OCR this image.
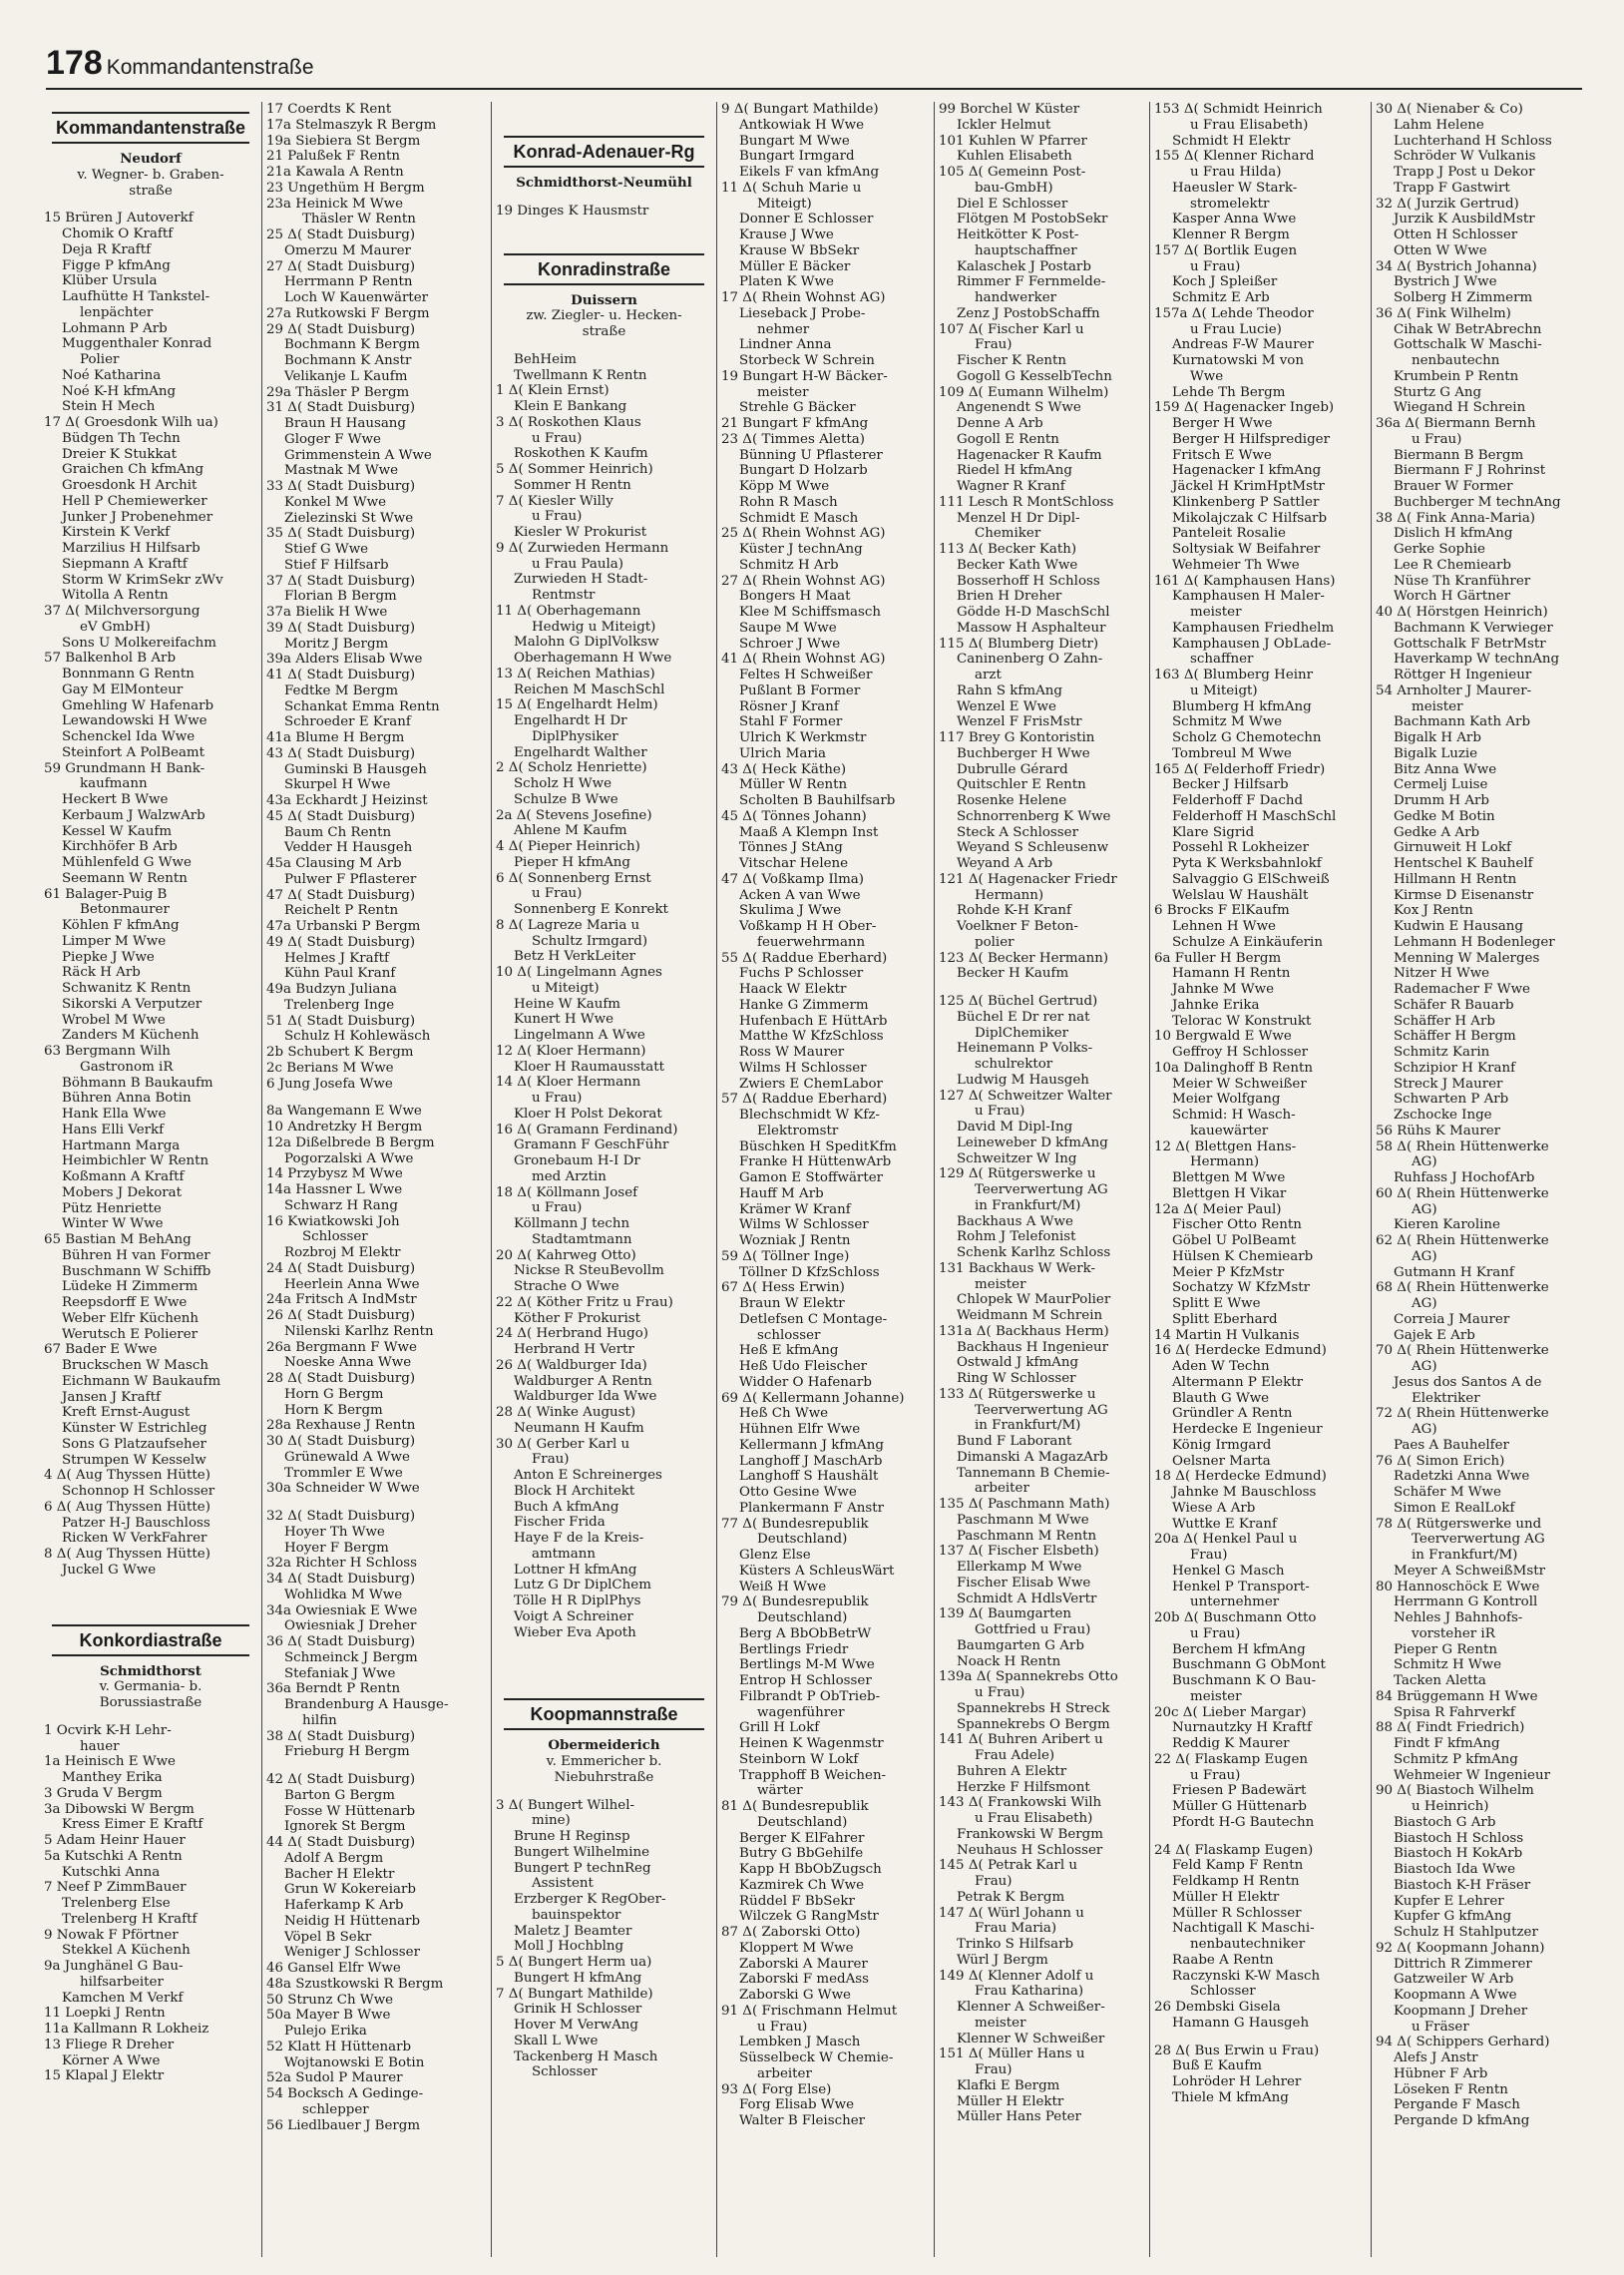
178 Kommandantenstraße
Kommandantenstraße
Neudorf
v. Wegner- b. Graben-
straße
15 Brüren J Autoverkf
Chomik O Kraftf
Deja R Kraftf
Figge P kfmAng
Klüber Ursula
Laufhütte H Tankstel-
lenpächter
Lohmann P Arb
Muggenthaler Konrad
Polier
Noé Katharina
Noé K-H kfmAng
Stein H Mech
17 Δ( Groesdonk Wilh ua)
Büdgen Th Techn
Dreier K Stukkat
Graichen Ch kfmAng
Groesdonk H Archit
Hell P Chemiewerker
Junker J Probenehmer
Kirstein K Verkf
Marzilius H Hilfsarb
Siepmann A Kraftf
Storm W KrimSekr zWv
Witolla A Rentn
37 Δ( Milchversorgung
eV GmbH)
Sons U Molkereifachm
57 Balkenhol B Arb
Bonnmann G Rentn
Gay M ElMonteur
Gmehling W Hafenarb
Lewandowski H Wwe
Schenckel Ida Wwe
Steinfort A PolBeamt
59 Grundmann H Bank-
kaufmann
Heckert B Wwe
Kerbaum J WalzwArb
Kessel W Kaufm
Kirchhöfer B Arb
Mühlenfeld G Wwe
Seemann W Rentn
61 Balager-Puig B
Betonmaurer
Köhlen F kfmAng
Limper M Wwe
Piepke J Wwe
Räck H Arb
Schwanitz K Rentn
Sikorski A Verputzer
Wrobel M Wwe
Zanders M Küchenh
63 Bergmann Wilh
Gastronom iR
Böhmann B Baukaufm
Bühren Anna Botin
Hank Ella Wwe
Hans Elli Verkf
Hartmann Marga
Heimbichler W Rentn
Koßmann A Kraftf
Mobers J Dekorat
Pütz Henriette
Winter W Wwe
65 Bastian M BehAng
Bühren H van Former
Buschmann W Schiffb
Lüdeke H Zimmerm
Reepsdorff E Wwe
Weber Elfr Küchenh
Werutsch E Polierer
67 Bader E Wwe
Bruckschen W Masch
Eichmann W Baukaufm
Jansen J Kraftf
Kreft Ernst-August
Künster W Estrichleg
Sons G Platzaufseher
Strumpen W Kesselw
4 Δ( Aug Thyssen Hütte)
Schonnop H Schlosser
6 Δ( Aug Thyssen Hütte)
Patzer H-J Bauschloss
Ricken W VerkFahrer
8 Δ( Aug Thyssen Hütte)
Juckel G Wwe
Konkordiastraße
Schmidthorst
v. Germania- b.
Borussiastraße
1 Ocvirk K-H Lehr-
hauer
1a Heinisch E Wwe
Manthey Erika
3 Gruda V Bergm
3a Dibowski W Bergm
Kress Eimer E Kraftf
5 Adam Heinr Hauer
5a Kutschki A Rentn
Kutschki Anna
7 Neef P ZimmBauer
Trelenberg Else
Trelenberg H Kraftf
9 Nowak F Pförtner
Stekkel A Küchenh
9a Junghänel G Bau-
hilfsarbeiter
Kamchen M Verkf
11 Loepki J Rentn
11a Kallmann R Lokheiz
13 Fliege R Dreher
Körner A Wwe
15 Klapal J Elektr
17 Coerdts K Rent
17a Stelmaszyk R Bergm
19a Siebiera St Bergm
21 Palußek F Rentn
21a Kawala A Rentn
23 Ungethüm H Bergm
23a Heinick M Wwe
Thäsler W Rentn
25 Δ( Stadt Duisburg)
Omerzu M Maurer
27 Δ( Stadt Duisburg)
Herrmann P Rentn
Loch W Kauenwärter
27a Rutkowski F Bergm
29 Δ( Stadt Duisburg)
Bochmann K Bergm
Bochmann K Anstr
Velikanje L Kaufm
29a Thäsler P Bergm
31 Δ( Stadt Duisburg)
Braun H Hausang
Gloger F Wwe
Grimmenstein A Wwe
Mastnak M Wwe
33 Δ( Stadt Duisburg)
Konkel M Wwe
Zielezinski St Wwe
35 Δ( Stadt Duisburg)
Stief G Wwe
Stief F Hilfsarb
37 Δ( Stadt Duisburg)
Florian B Bergm
37a Bielik H Wwe
39 Δ( Stadt Duisburg)
Moritz J Bergm
39a Alders Elisab Wwe
41 Δ( Stadt Duisburg)
Fedtke M Bergm
Schankat Emma Rentn
Schroeder E Kranf
41a Blume H Bergm
43 Δ( Stadt Duisburg)
Guminski B Hausgeh
Skurpel H Wwe
43a Eckhardt J Heizinst
45 Δ( Stadt Duisburg)
Baum Ch Rentn
Vedder H Hausgeh
45a Clausing M Arb
Pulwer F Pflasterer
47 Δ( Stadt Duisburg)
Reichelt P Rentn
47a Urbanski P Bergm
49 Δ( Stadt Duisburg)
Helmes J Kraftf
Kühn Paul Kranf
49a Budzyn Juliana
Trelenberg Inge
51 Δ( Stadt Duisburg)
Schulz H Kohlewäsch
2b Schubert K Bergm
2c Berians M Wwe
6 Jung Josefa Wwe
8a Wangemann E Wwe
10 Andretzky H Bergm
12a Dißelbrede B Bergm
Pogorzalski A Wwe
14 Przybysz M Wwe
14a Hassner L Wwe
Schwarz H Rang
16 Kwiatkowski Joh
Schlosser
Rozbroj M Elektr
24 Δ( Stadt Duisburg)
Heerlein Anna Wwe
24a Fritsch A IndMstr
26 Δ( Stadt Duisburg)
Nilenski Karlhz Rentn
26a Bergmann F Wwe
Noeske Anna Wwe
28 Δ( Stadt Duisburg)
Horn G Bergm
Horn K Bergm
28a Rexhause J Rentn
30 Δ( Stadt Duisburg)
Grünewald A Wwe
Trommler E Wwe
30a Schneider W Wwe
32 Δ( Stadt Duisburg)
Hoyer Th Wwe
Hoyer F Bergm
32a Richter H Schloss
34 Δ( Stadt Duisburg)
Wohlidka M Wwe
34a Owiesniak E Wwe
Owiesniak J Dreher
36 Δ( Stadt Duisburg)
Schmeinck J Bergm
Stefaniak J Wwe
36a Berndt P Rentn
Brandenburg A Hausge-
hilfin
38 Δ( Stadt Duisburg)
Frieburg H Bergm
42 Δ( Stadt Duisburg)
Barton G Bergm
Fosse W Hüttenarb
Ignorek St Bergm
44 Δ( Stadt Duisburg)
Adolf A Bergm
Bacher H Elektr
Grun W Kokereiarb
Haferkamp K Arb
Neidig H Hüttenarb
Vöpel B Sekr
Weniger J Schlosser
46 Gansel Elfr Wwe
48a Szustkowski R Bergm
50 Strunz Ch Wwe
50a Mayer B Wwe
Pulejo Erika
52 Klatt H Hüttenarb
Wojtanowski E Botin
52a Sudol P Maurer
54 Bocksch A Gedinge-
schlepper
56 Liedlbauer J Bergm
Konrad-Adenauer-Rg
Schmidthorst-Neumühl
19 Dinges K Hausmstr
Konradinstraße
Duissern
zw. Ziegler- u. Hecken-
straße
BehHeim
Twellmann K Rentn
1 Δ( Klein Ernst)
Klein E Bankang
3 Δ( Roskothen Klaus
u Frau)
Roskothen K Kaufm
5 Δ( Sommer Heinrich)
Sommer H Rentn
7 Δ( Kiesler Willy
u Frau)
Kiesler W Prokurist
9 Δ( Zurwieden Hermann
u Frau Paula)
Zurwieden H Stadt-
Rentmstr
11 Δ( Oberhagemann
Hedwig u Miteigt)
Malohn G DiplVolksw
Oberhagemann H Wwe
13 Δ( Reichen Mathias)
Reichen M MaschSchl
15 Δ( Engelhardt Helm)
Engelhardt H Dr
DiplPhysiker
Engelhardt Walther
2 Δ( Scholz Henriette)
Scholz H Wwe
Schulze B Wwe
2a Δ( Stevens Josefine)
Ahlene M Kaufm
4 Δ( Pieper Heinrich)
Pieper H kfmAng
6 Δ( Sonnenberg Ernst
u Frau)
Sonnenberg E Konrekt
8 Δ( Lagreze Maria u
Schultz Irmgard)
Betz H VerkLeiter
10 Δ( Lingelmann Agnes
u Miteigt)
Heine W Kaufm
Kunert H Wwe
Lingelmann A Wwe
12 Δ( Kloer Hermann)
Kloer H Raumausstatt
14 Δ( Kloer Hermann
u Frau)
Kloer H Polst Dekorat
16 Δ( Gramann Ferdinand)
Gramann F GeschFühr
Gronebaum H-I Dr
med Arztin
18 Δ( Köllmann Josef
u Frau)
Köllmann J techn
Stadtamtmann
20 Δ( Kahrweg Otto)
Nickse R SteuBevollm
Strache O Wwe
22 Δ( Köther Fritz u Frau)
Köther F Prokurist
24 Δ( Herbrand Hugo)
Herbrand H Vertr
26 Δ( Waldburger Ida)
Waldburger A Rentn
Waldburger Ida Wwe
28 Δ( Winke August)
Neumann H Kaufm
30 Δ( Gerber Karl u
Frau)
Anton E Schreinerges
Block H Architekt
Buch A kfmAng
Fischer Frida
Haye F de la Kreis-
amtmann
Lottner H kfmAng
Lutz G Dr DiplChem
Tölle H R DiplPhys
Voigt A Schreiner
Wieber Eva Apoth
Koopmannstraße
Obermeiderich
v. Emmericher b.
Niebuhrstraße
3 Δ( Bungert Wilhel-
mine)
Brune H Reginsp
Bungert Wilhelmine
Bungert P technReg
Assistent
Erzberger K RegOber-
bauinspektor
Maletz J Beamter
Moll J Hochblng
5 Δ( Bungert Herm ua)
Bungert H kfmAng
7 Δ( Bungart Mathilde)
Grinik H Schlosser
Hover M VerwAng
Skall L Wwe
Tackenberg H Masch
Schlosser
9 Δ( Bungart Mathilde)
Antkowiak H Wwe
Bungart M Wwe
Bungart Irmgard
Eikels F van kfmAng
11 Δ( Schuh Marie u
Miteigt)
Donner E Schlosser
Krause J Wwe
Krause W BbSekr
Müller E Bäcker
Platen K Wwe
17 Δ( Rhein Wohnst AG)
Lieseback J Probe-
nehmer
Lindner Anna
Storbeck W Schrein
19 Bungart H-W Bäcker-
meister
Strehle G Bäcker
21 Bungart F kfmAng
23 Δ( Timmes Aletta)
Bünning U Pflasterer
Bungart D Holzarb
Köpp M Wwe
Rohn R Masch
Schmidt E Masch
25 Δ( Rhein Wohnst AG)
Küster J technAng
Schmitz H Arb
27 Δ( Rhein Wohnst AG)
Bongers H Maat
Klee M Schiffsmasch
Saupe M Wwe
Schroer J Wwe
41 Δ( Rhein Wohnst AG)
Feltes H Schweißer
Pußlant B Former
Rösner J Kranf
Stahl F Former
Ulrich K Werkmstr
Ulrich Maria
43 Δ( Heck Käthe)
Müller W Rentn
Scholten B Bauhilfsarb
45 Δ( Tönnes Johann)
Maaß A Klempn Inst
Tönnes J StAng
Vitschar Helene
47 Δ( Voßkamp Ilma)
Acken A van Wwe
Skulima J Wwe
Voßkamp H H Ober-
feuerwehrmann
55 Δ( Raddue Eberhard)
Fuchs P Schlosser
Haack W Elektr
Hanke G Zimmerm
Hufenbach E HüttArb
Matthe W KfzSchloss
Ross W Maurer
Wilms H Schlosser
Zwiers E ChemLabor
57 Δ( Raddue Eberhard)
Blechschmidt W Kfz-
Elektromstr
Büschken H SpeditKfm
Franke H HüttenwArb
Gamon E Stoffwärter
Hauff M Arb
Krämer W Kranf
Wilms W Schlosser
Wozniak J Rentn
59 Δ( Töllner Inge)
Töllner D KfzSchloss
67 Δ( Hess Erwin)
Braun W Elektr
Detlefsen C Montage-
schlosser
Heß E kfmAng
Heß Udo Fleischer
Widder O Hafenarb
69 Δ( Kellermann Johanne)
Heß Ch Wwe
Hühnen Elfr Wwe
Kellermann J kfmAng
Langhoff J MaschArb
Langhoff S Haushält
Otto Gesine Wwe
Plankermann F Anstr
77 Δ( Bundesrepublik
Deutschland)
Glenz Else
Küsters A SchleusWärt
Weiß H Wwe
79 Δ( Bundesrepublik
Deutschland)
Berg A BbObBetrW
Bertlings Friedr
Bertlings M-M Wwe
Entrop H Schlosser
Filbrandt P ObTrieb-
wagenführer
Grill H Lokf
Heinen K Wagenmstr
Steinborn W Lokf
Trapphoff B Weichen-
wärter
81 Δ( Bundesrepublik
Deutschland)
Berger K ElFahrer
Butry G BbGehilfe
Kapp H BbObZugsch
Kazmirek Ch Wwe
Rüddel F BbSekr
Wilczek G RangMstr
87 Δ( Zaborski Otto)
Kloppert M Wwe
Zaborski A Maurer
Zaborski F medAss
Zaborski G Wwe
91 Δ( Frischmann Helmut
u Frau)
Lembken J Masch
Süsselbeck W Chemie-
arbeiter
93 Δ( Forg Else)
Forg Elisab Wwe
Walter B Fleischer
99 Borchel W Küster
Ickler Helmut
101 Kuhlen W Pfarrer
Kuhlen Elisabeth
105 Δ( Gemeinn Post-
bau-GmbH)
Diel E Schlosser
Flötgen M PostobSekr
Heitkötter K Post-
hauptschaffner
Kalaschek J Postarb
Rimmer F Fernmelde-
handwerker
Zenz J PostobSchaffn
107 Δ( Fischer Karl u
Frau)
Fischer K Rentn
Gogoll G KesselbTechn
109 Δ( Eumann Wilhelm)
Angenendt S Wwe
Denne A Arb
Gogoll E Rentn
Hagenacker R Kaufm
Riedel H kfmAng
Wagner R Kranf
111 Lesch R MontSchloss
Menzel H Dr Dipl-
Chemiker
113 Δ( Becker Kath)
Becker Kath Wwe
Bosserhoff H Schloss
Brien H Dreher
Gödde H-D MaschSchl
Massow H Asphalteur
115 Δ( Blumberg Dietr)
Caninenberg O Zahn-
arzt
Rahn S kfmAng
Wenzel E Wwe
Wenzel F FrisMstr
117 Brey G Kontoristin
Buchberger H Wwe
Dubrulle Gérard
Quitschler E Rentn
Rosenke Helene
Schnorrenberg K Wwe
Steck A Schlosser
Weyand S Schleusenw
Weyand A Arb
121 Δ( Hagenacker Friedr
Hermann)
Rohde K-H Kranf
Voelkner F Beton-
polier
123 Δ( Becker Hermann)
Becker H Kaufm
125 Δ( Büchel Gertrud)
Büchel E Dr rer nat
DiplChemiker
Heinemann P Volks-
schulrektor
Ludwig M Hausgeh
127 Δ( Schweitzer Walter
u Frau)
David M Dipl-Ing
Leineweber D kfmAng
Schweitzer W Ing
129 Δ( Rütgerswerke u
Teerverwertung AG
in Frankfurt/M)
Backhaus A Wwe
Rohm J Telefonist
Schenk Karlhz Schloss
131 Backhaus W Werk-
meister
Chlopek W MaurPolier
Weidmann M Schrein
131a Δ( Backhaus Herm)
Backhaus H Ingenieur
Ostwald J kfmAng
Ring W Schlosser
133 Δ( Rütgerswerke u
Teerverwertung AG
in Frankfurt/M)
Bund F Laborant
Dimanski A MagazArb
Tannemann B Chemie-
arbeiter
135 Δ( Paschmann Math)
Paschmann M Wwe
Paschmann M Rentn
137 Δ( Fischer Elsbeth)
Ellerkamp M Wwe
Fischer Elisab Wwe
Schmidt A HdlsVertr
139 Δ( Baumgarten
Gottfried u Frau)
Baumgarten G Arb
Noack H Rentn
139a Δ( Spannekrebs Otto
u Frau)
Spannekrebs H Streck
Spannekrebs O Bergm
141 Δ( Buhren Aribert u
Frau Adele)
Buhren A Elektr
Herzke F Hilfsmont
143 Δ( Frankowski Wilh
u Frau Elisabeth)
Frankowski W Bergm
Neuhaus H Schlosser
145 Δ( Petrak Karl u
Frau)
Petrak K Bergm
147 Δ( Würl Johann u
Frau Maria)
Trinko S Hilfsarb
Würl J Bergm
149 Δ( Klenner Adolf u
Frau Katharina)
Klenner A Schweißer-
meister
Klenner W Schweißer
151 Δ( Müller Hans u
Frau)
Klafki E Bergm
Müller H Elektr
Müller Hans Peter
153 Δ( Schmidt Heinrich
u Frau Elisabeth)
Schmidt H Elektr
155 Δ( Klenner Richard
u Frau Hilda)
Haeusler W Stark-
stromelektr
Kasper Anna Wwe
Klenner R Bergm
157 Δ( Bortlik Eugen
u Frau)
Koch J Spleißer
Schmitz E Arb
157a Δ( Lehde Theodor
u Frau Lucie)
Andreas F-W Maurer
Kurnatowski M von
Wwe
Lehde Th Bergm
159 Δ( Hagenacker Ingeb)
Berger H Wwe
Berger H Hilfsprediger
Fritsch E Wwe
Hagenacker I kfmAng
Jäckel H KrimHptMstr
Klinkenberg P Sattler
Mikolajczak C Hilfsarb
Panteleit Rosalie
Soltysiak W Beifahrer
Wehmeier Th Wwe
161 Δ( Kamphausen Hans)
Kamphausen H Maler-
meister
Kamphausen Friedhelm
Kamphausen J ObLade-
schaffner
163 Δ( Blumberg Heinr
u Miteigt)
Blumberg H kfmAng
Schmitz M Wwe
Scholz G Chemotechn
Tombreul M Wwe
165 Δ( Felderhoff Friedr)
Becker J Hilfsarb
Felderhoff F Dachd
Felderhoff H MaschSchl
Klare Sigrid
Possehl R Lokheizer
Pyta K Werksbahnlokf
Salvaggio G ElSchweiß
Welslau W Haushält
6 Brocks F ElKaufm
Lehnen H Wwe
Schulze A Einkäuferin
6a Fuller H Bergm
Hamann H Rentn
Jahnke M Wwe
Jahnke Erika
Telorac W Konstrukt
10 Bergwald E Wwe
Geffroy H Schlosser
10a Dalinghoff B Rentn
Meier W Schweißer
Meier Wolfgang
Schmid: H Wasch-
kauewärter
12 Δ( Blettgen Hans-
Hermann)
Blettgen M Wwe
Blettgen H Vikar
12a Δ( Meier Paul)
Fischer Otto Rentn
Göbel U PolBeamt
Hülsen K Chemiearb
Meier P KfzMstr
Sochatzy W KfzMstr
Splitt E Wwe
Splitt Eberhard
14 Martin H Vulkanis
16 Δ( Herdecke Edmund)
Aden W Techn
Altermann P Elektr
Blauth G Wwe
Gründler A Rentn
Herdecke E Ingenieur
König Irmgard
Oelsner Marta
18 Δ( Herdecke Edmund)
Jahnke M Bauschloss
Wiese A Arb
Wuttke E Kranf
20a Δ( Henkel Paul u
Frau)
Henkel G Masch
Henkel P Transport-
unternehmer
20b Δ( Buschmann Otto
u Frau)
Berchem H kfmAng
Buschmann G ObMont
Buschmann K O Bau-
meister
20c Δ( Lieber Margar)
Nurnautzky H Kraftf
Reddig K Maurer
22 Δ( Flaskamp Eugen
u Frau)
Friesen P Badewärt
Müller G Hüttenarb
Pfordt H-G Bautechn
24 Δ( Flaskamp Eugen)
Feld Kamp F Rentn
Feldkamp H Rentn
Müller H Elektr
Müller R Schlosser
Nachtigall K Maschi-
nenbautechniker
Raabe A Rentn
Raczynski K-W Masch
Schlosser
26 Dembski Gisela
Hamann G Hausgeh
28 Δ( Bus Erwin u Frau)
Buß E Kaufm
Lohröder H Lehrer
Thiele M kfmAng
30 Δ( Nienaber & Co)
Lahm Helene
Luchterhand H Schloss
Schröder W Vulkanis
Trapp J Post u Dekor
Trapp F Gastwirt
32 Δ( Jurzik Gertrud)
Jurzik K AusbildMstr
Otten H Schlosser
Otten W Wwe
34 Δ( Bystrich Johanna)
Bystrich J Wwe
Solberg H Zimmerm
36 Δ( Fink Wilhelm)
Cihak W BetrAbrechn
Gottschalk W Maschi-
nenbautechn
Krumbein P Rentn
Sturtz G Ang
Wiegand H Schrein
36a Δ( Biermann Bernh
u Frau)
Biermann B Bergm
Biermann F J Rohrinst
Brauer W Former
Buchberger M technAng
38 Δ( Fink Anna-Maria)
Dislich H kfmAng
Gerke Sophie
Lee R Chemiearb
Nüse Th Kranführer
Worch H Gärtner
40 Δ( Hörstgen Heinrich)
Bachmann K Verwieger
Gottschalk F BetrMstr
Haverkamp W technAng
Röttger H Ingenieur
54 Arnholter J Maurer-
meister
Bachmann Kath Arb
Bigalk H Arb
Bigalk Luzie
Bitz Anna Wwe
Cermelj Luise
Drumm H Arb
Gedke M Botin
Gedke A Arb
Girnuweit H Lokf
Hentschel K Bauhelf
Hillmann H Rentn
Kirmse D Eisenanstr
Kox J Rentn
Kudwin E Hausang
Lehmann H Bodenleger
Menning W Malerges
Nitzer H Wwe
Rademacher F Wwe
Schäfer R Bauarb
Schäffer H Arb
Schäffer H Bergm
Schmitz Karin
Schzipior H Kranf
Streck J Maurer
Schwarten P Arb
Zschocke Inge
56 Rühs K Maurer
58 Δ( Rhein Hüttenwerke
AG)
Ruhfass J HochofArb
60 Δ( Rhein Hüttenwerke
AG)
Kieren Karoline
62 Δ( Rhein Hüttenwerke
AG)
Gutmann H Kranf
68 Δ( Rhein Hüttenwerke
AG)
Correia J Maurer
Gajek E Arb
70 Δ( Rhein Hüttenwerke
AG)
Jesus dos Santos A de
Elektriker
72 Δ( Rhein Hüttenwerke
AG)
Paes A Bauhelfer
76 Δ( Simon Erich)
Radetzki Anna Wwe
Schäfer M Wwe
Simon E RealLokf
78 Δ( Rütgerswerke und
Teerverwertung AG
in Frankfurt/M)
Meyer A SchweißMstr
80 Hannoschöck E Wwe
Herrmann G Kontroll
Nehles J Bahnhofs-
vorsteher iR
Pieper G Rentn
Schmitz H Wwe
Tacken Aletta
84 Brüggemann H Wwe
Spisa R Fahrverkf
88 Δ( Findt Friedrich)
Findt F kfmAng
Schmitz P kfmAng
Wehmeier W Ingenieur
90 Δ( Biastoch Wilhelm
u Heinrich)
Biastoch G Arb
Biastoch H Schloss
Biastoch H KokArb
Biastoch Ida Wwe
Biastoch K-H Fräser
Kupfer E Lehrer
Kupfer G kfmAng
Schulz H Stahlputzer
92 Δ( Koopmann Johann)
Dittrich R Zimmerer
Gatzweiler W Arb
Koopmann A Wwe
Koopmann J Dreher
u Fräser
94 Δ( Schippers Gerhard)
Alefs J Anstr
Hübner F Arb
Löseken F Rentn
Pergande F Masch
Pergande D kfmAng
